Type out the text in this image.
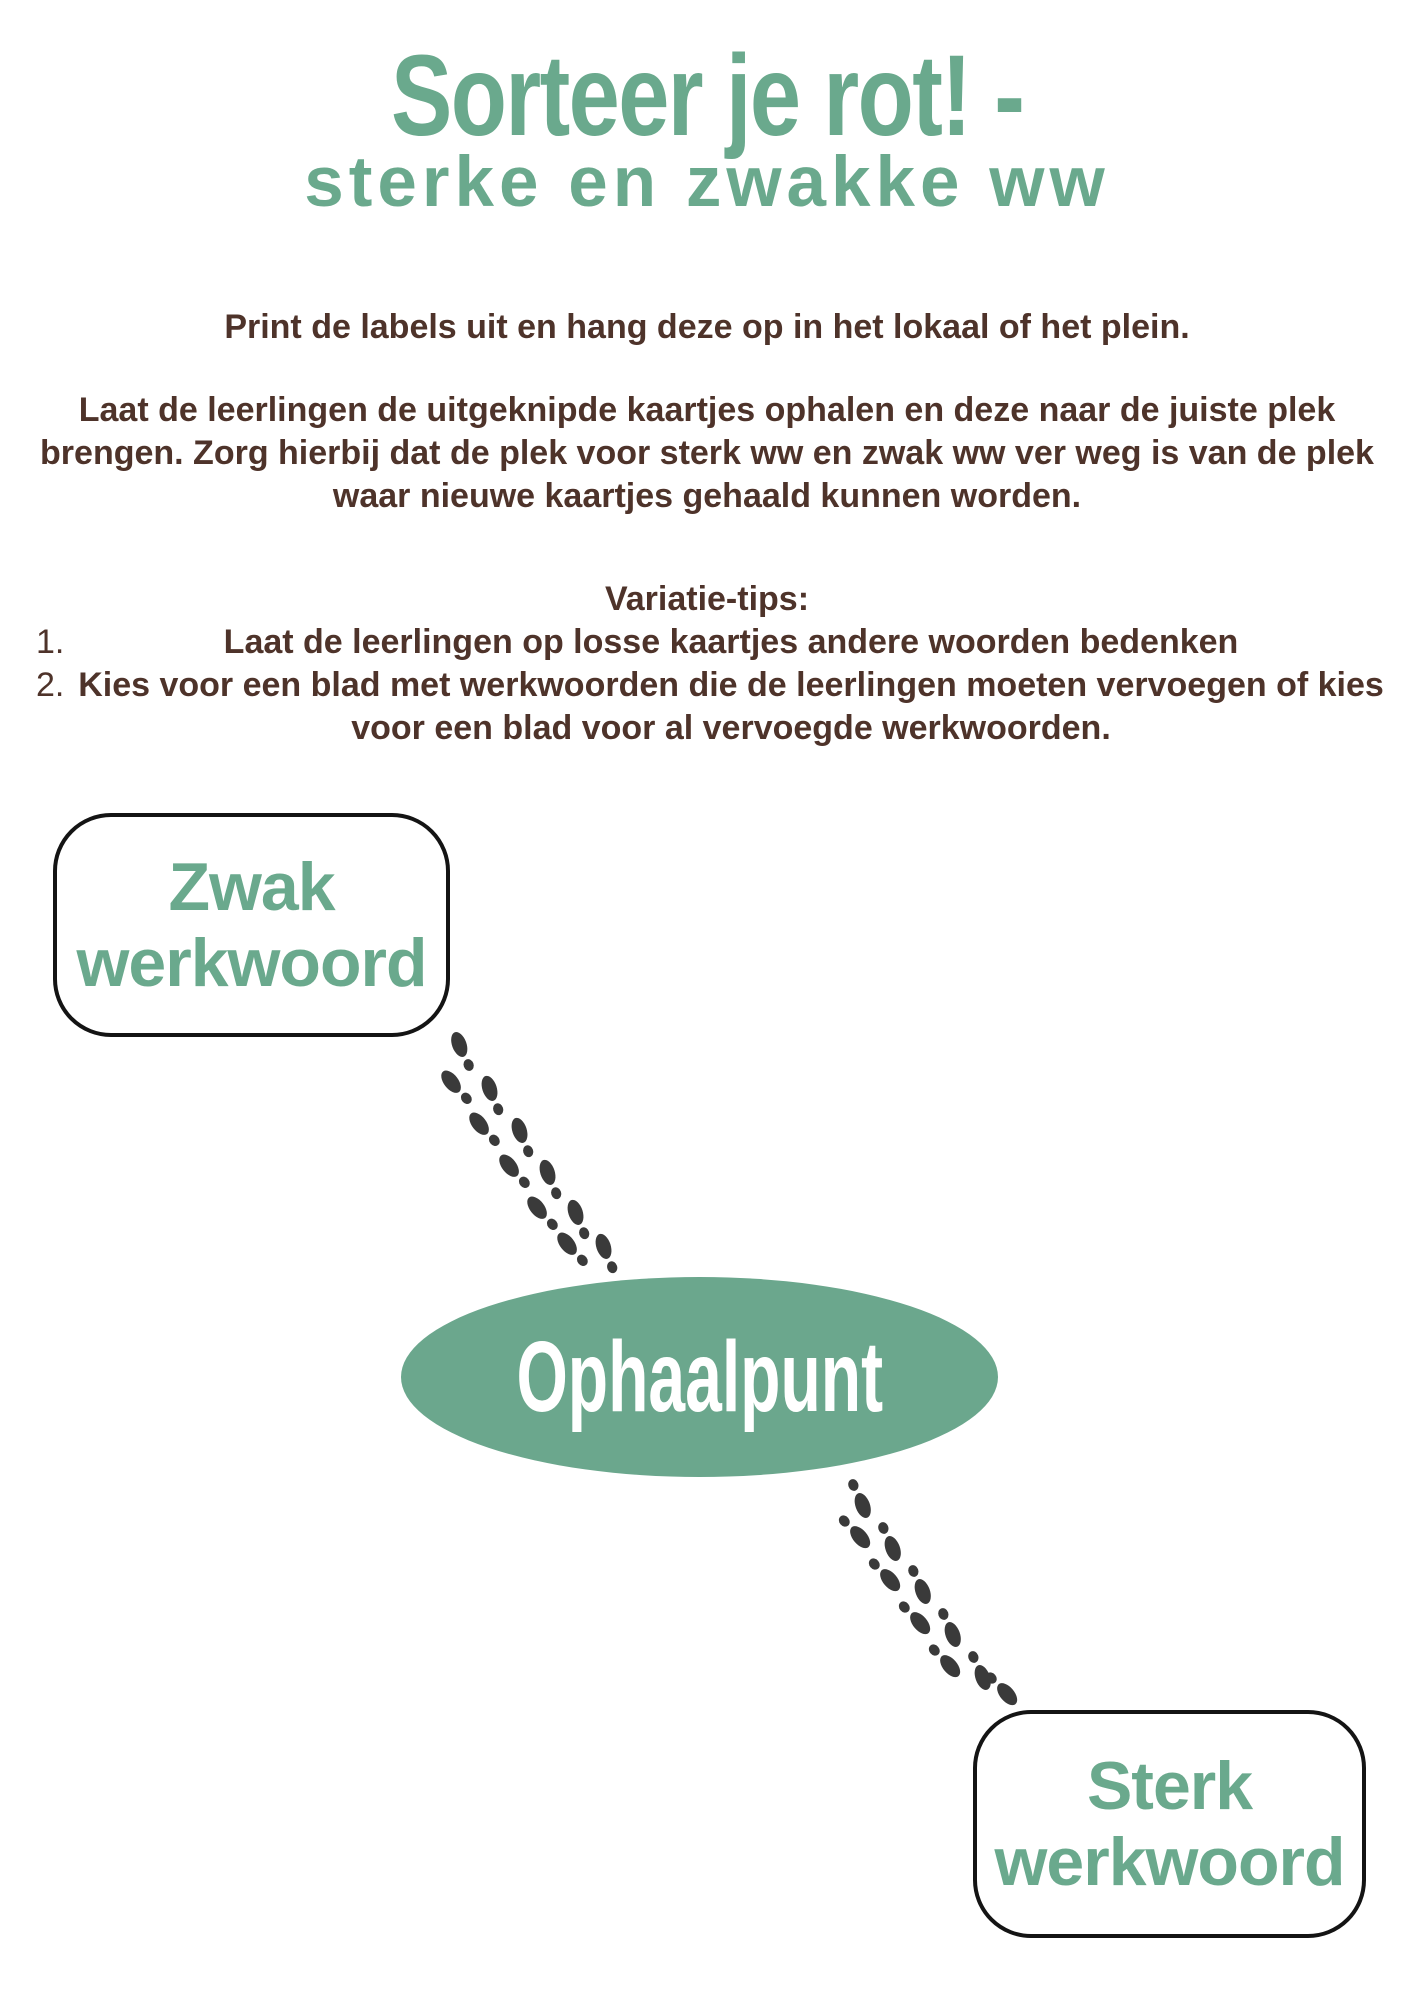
Sorteer je rot! -
sterke en zwakke ww

Print de labels uit en hang deze op in het lokaal of het plein.

Laat de leerlingen de uitgeknipde kaartjes ophalen en deze naar de juiste plek brengen. Zorg hierbij dat de plek voor sterk ww en zwak ww ver weg is van de plek waar nieuwe kaartjes gehaald kunnen worden.

Variatie-tips:

1.	Laat de leerlingen op losse kaartjes andere woorden bedenken
2. Kies voor een blad met werkwoorden die de leerlingen moeten vervoegen of kies voor een blad voor al vervoegde werkwoorden.
Zwak
werkwoord
Ophaalpunt
Sterk
werkwoord
